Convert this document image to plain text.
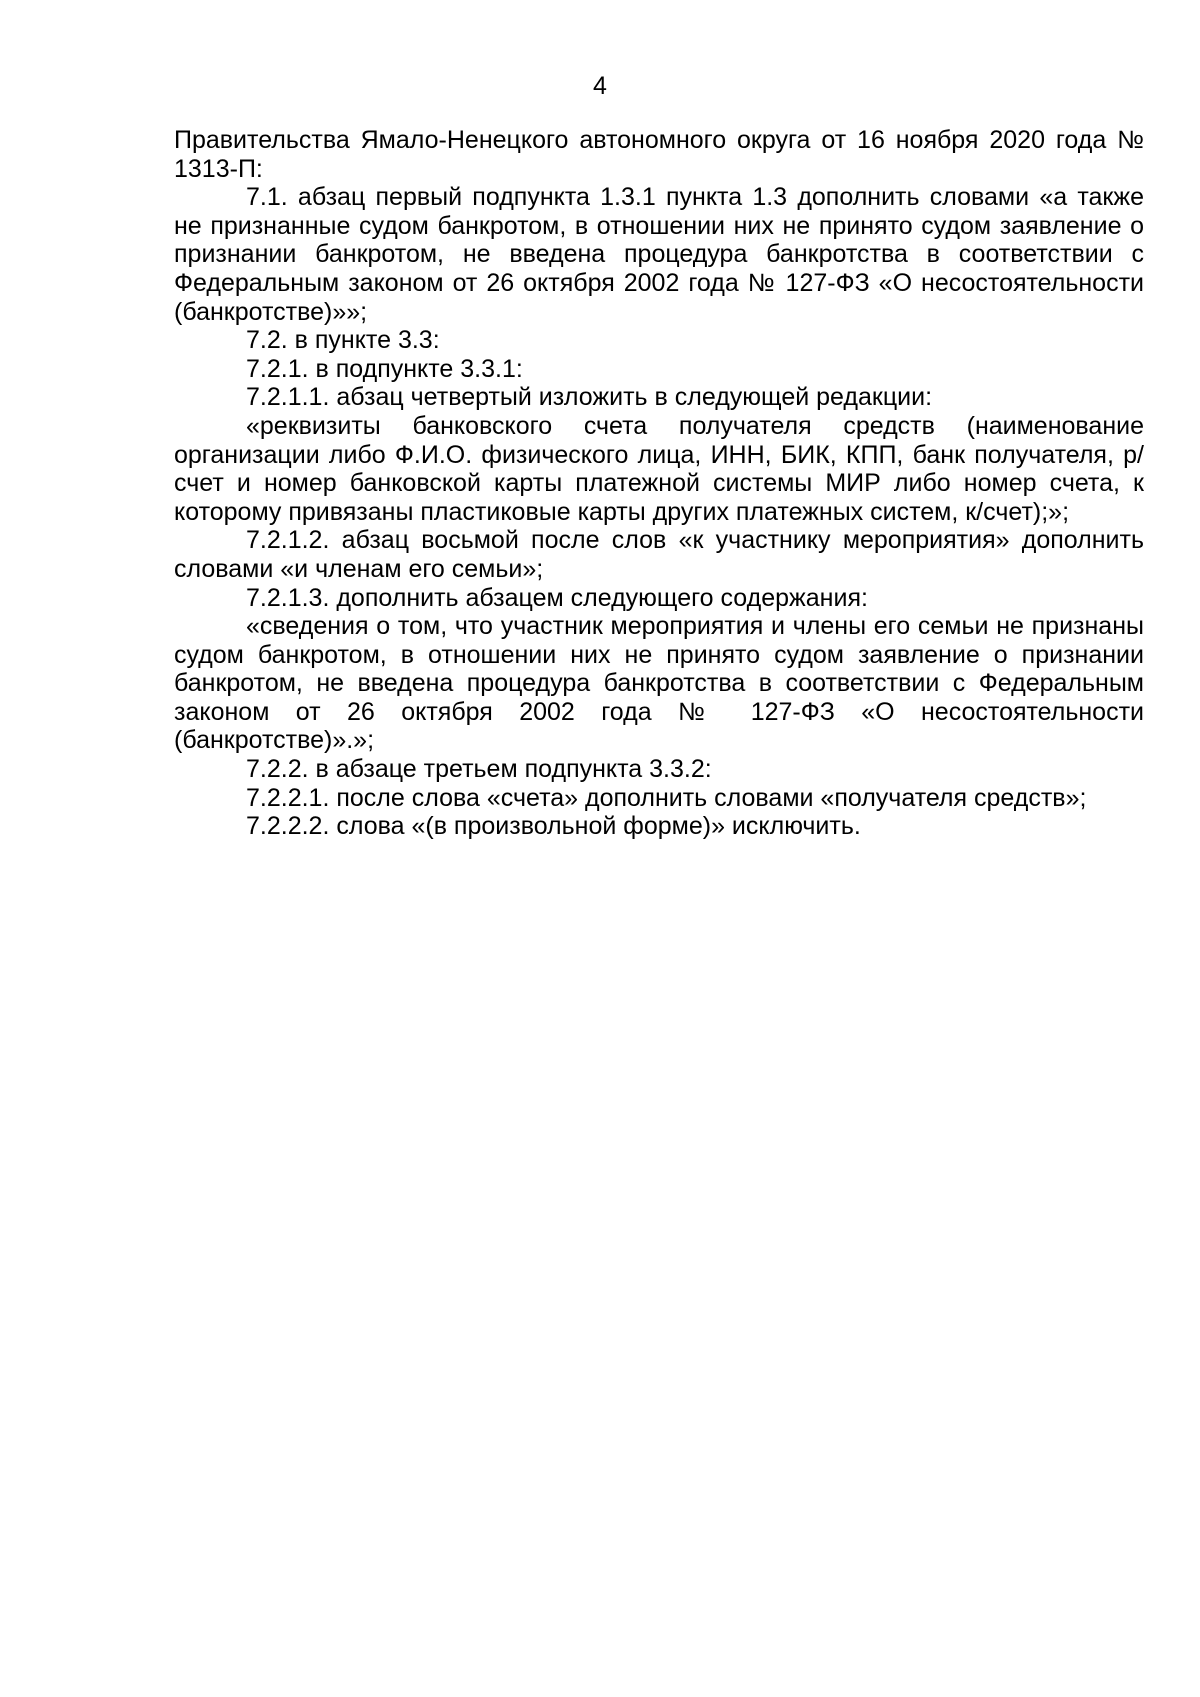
4

Правительства Ямало-Ненецкого автономного округа от 16 ноября 2020 года № 1313-П:

7.1. абзац первый подпункта 1.3.1 пункта 1.3 дополнить словами «а также не признанные судом банкротом, в отношении них не принято судом заявление о признании банкротом, не введена процедура банкротства в соответствии с Федеральным законом от 26 октября 2002 года № 127-ФЗ «О несостоятельности (банкротстве)»»;

7.2. в пункте 3.3:

7.2.1. в подпункте 3.3.1:

7.2.1.1. абзац четвертый изложить в следующей редакции:

«реквизиты банковского счета получателя средств (наименование организации либо Ф.И.О. физического лица, ИНН, БИК, КПП, банк получателя, р/счет и номер банковской карты платежной системы МИР либо номер счета, к которому привязаны пластиковые карты других платежных систем, к/счет);»;

7.2.1.2. абзац восьмой после слов «к участнику мероприятия» дополнить словами «и членам его семьи»;

7.2.1.3. дополнить абзацем следующего содержания:

«сведения о том, что участник мероприятия и члены его семьи не признаны судом банкротом, в отношении них не принято судом заявление о признании банкротом, не введена процедура банкротства в соответствии с Федеральным законом от 26 октября 2002 года № 127-ФЗ «О несостоятельности (банкротстве)».»;

7.2.2. в абзаце третьем подпункта 3.3.2:

7.2.2.1. после слова «счета» дополнить словами «получателя средств»;

7.2.2.2. слова «(в произвольной форме)» исключить.
